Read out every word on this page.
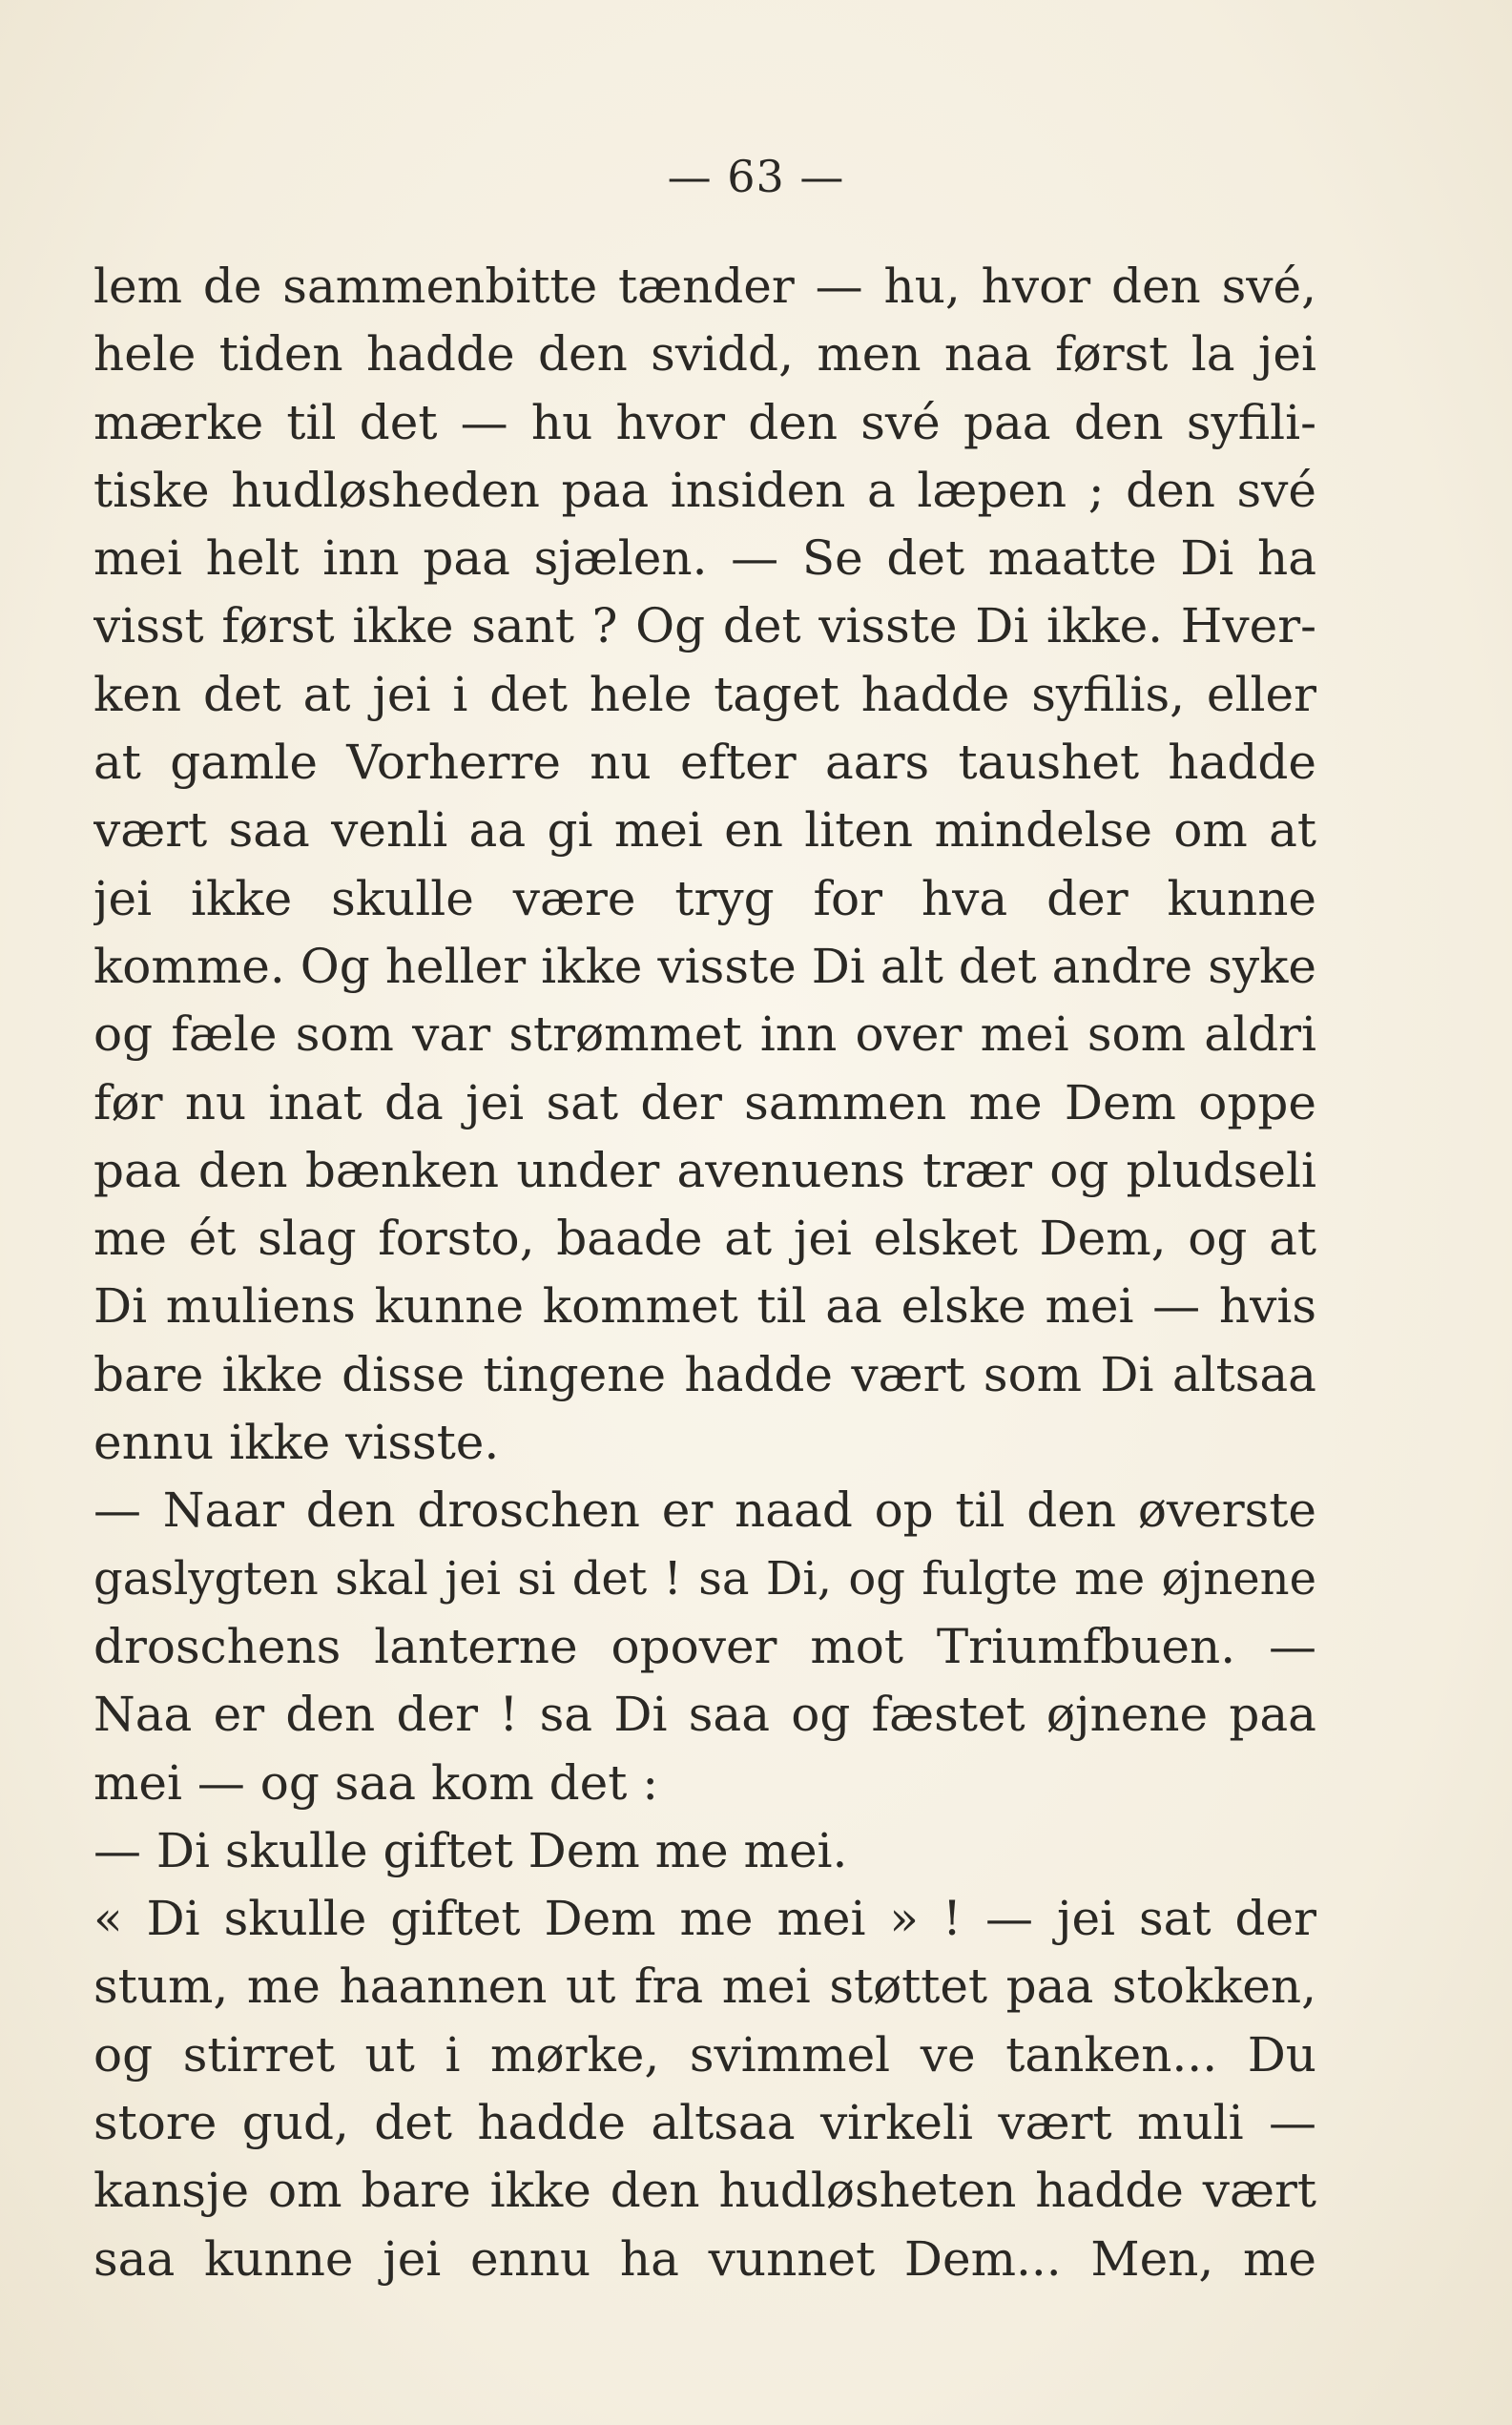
— 63 —
lem de sammenbitte tænder — hu, hvor den své,
hele tiden hadde den svidd, men naa først la jei
mærke til det — hu hvor den své paa den syfili-
tiske hudløsheden paa insiden a læpen ; den své
mei helt inn paa sjælen. — Se det maatte Di ha
visst først ikke sant ? Og det visste Di ikke. Hver-
ken det at jei i det hele taget hadde syfilis, eller
at gamle Vorherre nu efter aars taushet hadde
vært saa venli aa gi mei en liten mindelse om at
jei ikke skulle være tryg for hva der kunne
komme. Og heller ikke visste Di alt det andre syke
og fæle som var strømmet inn over mei som aldri
før nu inat da jei sat der sammen me Dem oppe
paa den bænken under avenuens trær og pludseli
me ét slag forsto, baade at jei elsket Dem, og at
Di muliens kunne kommet til aa elske mei — hvis
bare ikke disse tingene hadde vært som Di altsaa
ennu ikke visste.
— Naar den droschen er naad op til den øverste
gaslygten skal jei si det ! sa Di, og fulgte me øjnene
droschens lanterne opover mot Triumfbuen. —
Naa er den der ! sa Di saa og fæstet øjnene paa
mei — og saa kom det :
— Di skulle giftet Dem me mei.
« Di skulle giftet Dem me mei » ! — jei sat der
stum, me haannen ut fra mei støttet paa stokken,
og stirret ut i mørke, svimmel ve tanken... Du
store gud, det hadde altsaa virkeli vært muli —
kansje om bare ikke den hudløsheten hadde vært
saa kunne jei ennu ha vunnet Dem... Men, me
